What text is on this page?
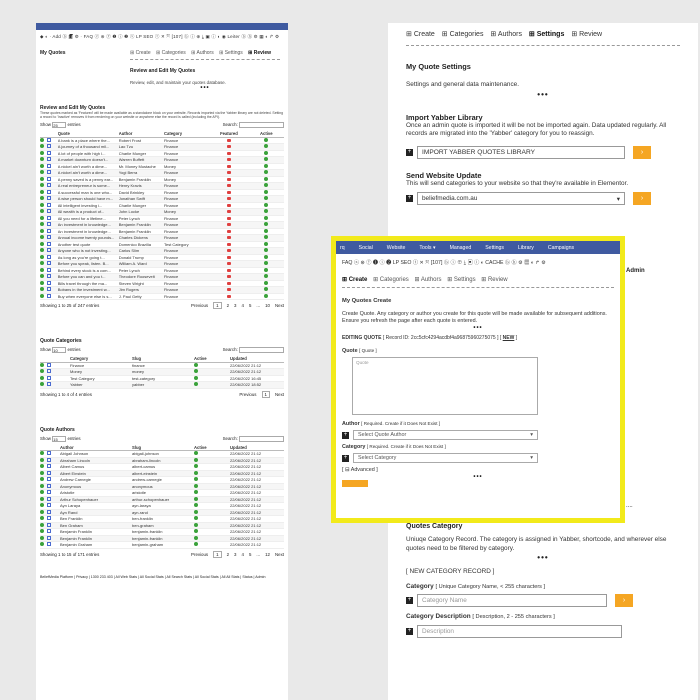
◆ ◐ · Add ⓑ 🗐 ⚙ · FAQ ⓩ ⊛ ⓨ ❶ ⓘ ❷ ⓢ LP SEO ⓣ ✕ ⤧ [107] ⓑ ⓘ ⊕ ⤓ ▣ ⓘ ◐ ◉ Leiter ⓑ ⓗ ⚙ ▦ ◐ ↱ ⚙
My Quotes	⊞ Create ⊞ Categories ⊞ Authors ⊞ Settings ⊞ Review
Review and Edit My Quotes
Review, edit, and maintain your quotes database.
•••
Review and Edit My Quotes
These quotes marked as 'Featured' will be made available as a standalone block on your website. Records imported via the Yabber library are not deleted. Setting a record to 'Inactive' removes it from rendering on your website or anywhere else the record is called (including the API).
Show 25 entries	Search:
Quote	Author	Category	Featured	Active
A bank is a place where the...	Robert Frost	Finance
A journey of a thousand mil...	Lao Tzu	Finance
A lot of people with high I...	Charlie Munger	Finance
A market downturn doesn't...	Warren Buffett	Finance
A nickel ain't worth a dime...	Mr. Money Mustache	Money
A nickel ain't worth a dime...	Yogi Berra	Finance
A penny saved is a penny ear...	Benjamin Franklin	Money
A real entrepreneur is some...	Henry Kravis	Finance
A successful man is one who...	David Brinkley	Finance
A wise person should have m...	Jonathan Swift	Finance
All intelligent investing i...	Charlie Munger	Finance
All wealth is a product of...	John Locke	Money
All you need for a lifetime...	Peter Lynch	Finance
An investment in knowledge...	Benjamin Franklin	Finance
An investment in knowledge...	Benjamin Franklin	Finance
Annual income twenty pounds...	Charles Dickens	Finance
Another test quote	Domenico Brazilia	Test Category
Anyone who is not investing...	Carlos Slim	Finance
As long as you're going t...	Donald Trump	Finance
Before you speak, listen. B...	William A. Ward	Finance
Behind every stock is a com...	Peter Lynch	Finance
Before you can and you t...	Theodore Roosevelt	Finance
Bills travel through the ma...	Steven Wright	Finance
Bobans in the investment w...	Jim Rogers	Finance
Buy when everyone else is s...	J. Paul Getty	Finance
Showing 1 to 25 of 247 entries	Previous 1 2 3 4 5 ... 10 Next
Quote Categories
Show 10 entries	Search:
Category	Slug	Active	Updated
Finance	finance	22/06/2022 21:12
Money	money	22/06/2022 21:12
Test Category	test-category	22/06/2022 16:45
Yabber	yabber	22/06/2022 18:52
Showing 1 to 4 of 4 entries	Previous 1 Next
Quote Authors
Show 15 entries	Search:
Author	Slug	Active	Updated
Abigail Johnson	abigail-johnson	22/06/2022 21:12
Abraham Lincoln	abraham-lincoln	22/06/2022 21:12
Albert Camus	albert-camus	22/06/2022 21:12
Albert Einstein	albert-einstein	22/06/2022 21:12
Andrew Carnegie	andrew-carnegie	22/06/2022 21:12
Anonymous	anonymous	22/06/2022 21:12
Aristotle	aristotle	22/06/2022 21:12
Arthur Schopenhauer	arthur-schopenhauer	22/06/2022 21:12
Ayn Laraya	ayn-laraya	22/06/2022 21:12
Ayn Rand	ayn-rand	22/06/2022 21:12
Ben Franklin	ben-franklin	22/06/2022 21:12
Ben Graham	ben-graham	22/06/2022 21:12
Benjamin Franklin	benjamin-franklin	22/06/2022 21:12
Benjamin Franklin	benjamin-franklin	22/06/2022 21:12
Benjamin Graham	benjamin-graham	22/06/2022 21:12
Showing 1 to 15 of 171 entries	Previous 1 2 3 4 5 ... 12 Next
BeliefMedia Platform | Privacy | 1300 233 403 | All Web Stats | All Social Stats | All Search Stats | All Social Stats | All All Stats | Status | Admin
⊞ Create ⊞ Categories ⊞ Authors ⊞ Settings ⊞ Review
My Quote Settings
Settings and general data maintenance.
•••
Import Yabber Library
Once an admin quote is imported it will be not be imported again. Data updated regularly. All records are migrated into the 'Yabber' category for you to reassign.
+	IMPORT YABBER QUOTES LIBRARY	›
Send Website Update
This will send categories to your website so that they're available in Elementor.
+ beliefmedia.com.au	▾	›
Admin
....
Quotes Category
Uniuqe Category Record. The category is assigned in Yabber, shortcode, and wherever else quotes need to be filtered by category.
•••
[ NEW CATEGORY RECORD ]
Category [ Unique Category Name, < 255 characters ]
+	Category Name	›
Category Description [ Description, 2 - 255 characters ]
+	Description
rq	Social	Website	Tools ▾	Managed	Settings	Library	Campaigns
FAQ ⓩ ⊛ ⓨ ❶ ⓘ ❷ LP SEO ⓣ ✕ ⤧ [107] ⓑ ⓘ ⊕ ⤓ ▣ ⓘ ◐ CACHE ⓑ ⓗ ⚙ ▦ ◐ ↱ ⚙
⊞ Create ⊞ Categories ⊞ Authors ⊞ Settings ⊞ Review
My Quotes Create
Create Quote. Any category or author you create for this quote will be made available for subsequent additions. Ensure you refresh the page after each quote is entered.
•••
EDITING QUOTE [ Record ID: 2cc5cfc4294acdbf4a96875960275075 ] [ NEW ]
Quote [ Quote ]
Quote
Author [ Required. Create if it Does Not Exist ]
+	Select Quote Author	▾
Category [ Required. Create if it Does Not Exist ]
+	Select Category	▾
[ ⊟ Advanced ]
•••
